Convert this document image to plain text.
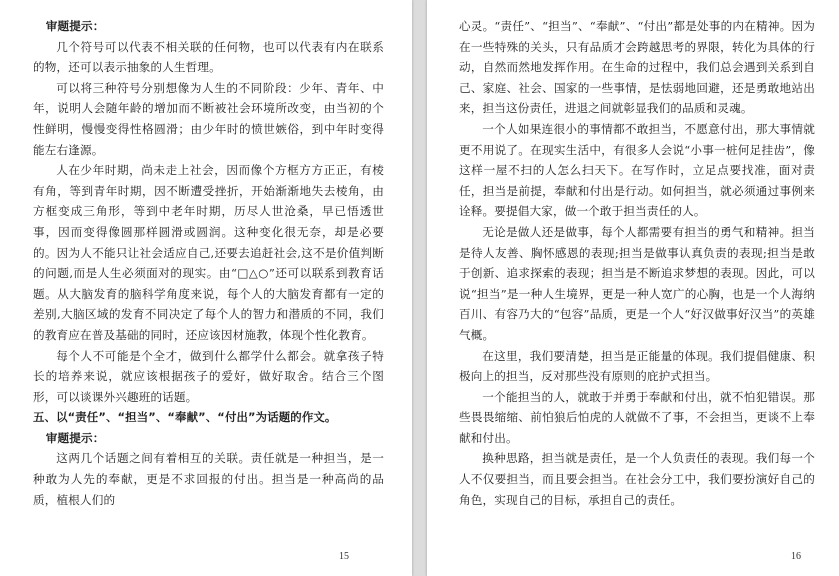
审题提示：

几个符号可以代表不相关联的任何物，也可以代表有内在联系的物，还可以表示抽象的人生哲理。

可以将三种符号分别想像为人生的不同阶段：少年、青年、中年，说明人会随年龄的增加而不断被社会环境所改变，由当初的个性鲜明，慢慢变得性格圆滑；由少年时的愤世嫉俗，到中年时变得能左右逢源。

人在少年时期，尚未走上社会，因而像个方框方方正正，有棱有角，等到青年时期，因不断遭受挫折，开始渐渐地失去棱角，由方框变成三角形，等到中老年时期，历尽人世沧桑，早已悟透世事，因而变得像圆那样圆滑或圆润。这种变化很无奈，却是必要的。因为人不能只让社会适应自己,还要去追赶社会,这不是价值判断的问题,而是人生必须面对的现实。由“□△○”还可以联系到教育话题。从大脑发育的脑科学角度来说，每个人的大脑发育都有一定的差别,大脑区域的发育不同决定了每个人的智力和潜质的不同，我们的教育应在普及基础的同时，还应该因材施教，体现个性化教育。

每个人不可能是个全才，做到什么都学什么都会。就拿孩子特长的培养来说，就应该根据孩子的爱好，做好取舍。结合三个图形，可以谈课外兴趣班的话题。

五、以“责任”、“担当”、“奉献”、“付出”为话题的作文。

审题提示：

这两几个话题之间有着相互的关联。责任就是一种担当，是一种敢为人先的奉献，更是不求回报的付出。担当是一种高尚的品质，植根人们的

15

心灵。“责任”、“担当”、“奉献”、“付出”都是处事的内在精神。因为在一些特殊的关头，只有品质才会跨越思考的界限，转化为具体的行动，自然而然地发挥作用。在生命的过程中，我们总会遇到关系到自己、家庭、社会、国家的一些事情，是怯弱地回避，还是勇敢地站出来，担当这份责任，进退之间就彰显我们的品质和灵魂。

一个人如果连很小的事情都不敢担当，不愿意付出，那大事情就更不用说了。在现实生活中，有很多人会说“小事一桩何足挂齿”，像这样一屋不扫的人怎么扫天下。在写作时，立足点要找准，面对责任，担当是前提，奉献和付出是行动。如何担当，就必须通过事例来诠释。要提倡大家，做一个敢于担当责任的人。

无论是做人还是做事，每个人都需要有担当的勇气和精神。担当是待人友善、胸怀感恩的表现;担当是做事认真负责的表现;担当是敢于创新、追求探索的表现；担当是不断追求梦想的表现。因此，可以说“担当”是一种人生境界，更是一种人宽广的心胸，也是一个人海纳百川、有容乃大的“包容”品质，更是一个人“好汉做事好汉当”的英雄气概。

在这里，我们要清楚，担当是正能量的体现。我们提倡健康、积极向上的担当，反对那些没有原则的庇护式担当。

一个能担当的人，就敢于并勇于奉献和付出，就不怕犯错误。那些畏畏缩缩、前怕狼后怕虎的人就做不了事，不会担当，更谈不上奉献和付出。

换种思路，担当就是责任，是一个人负责任的表现。我们每一个人不仅要担当，而且要会担当。在社会分工中，我们要扮演好自己的角色，实现自己的目标，承担自己的责任。

16
